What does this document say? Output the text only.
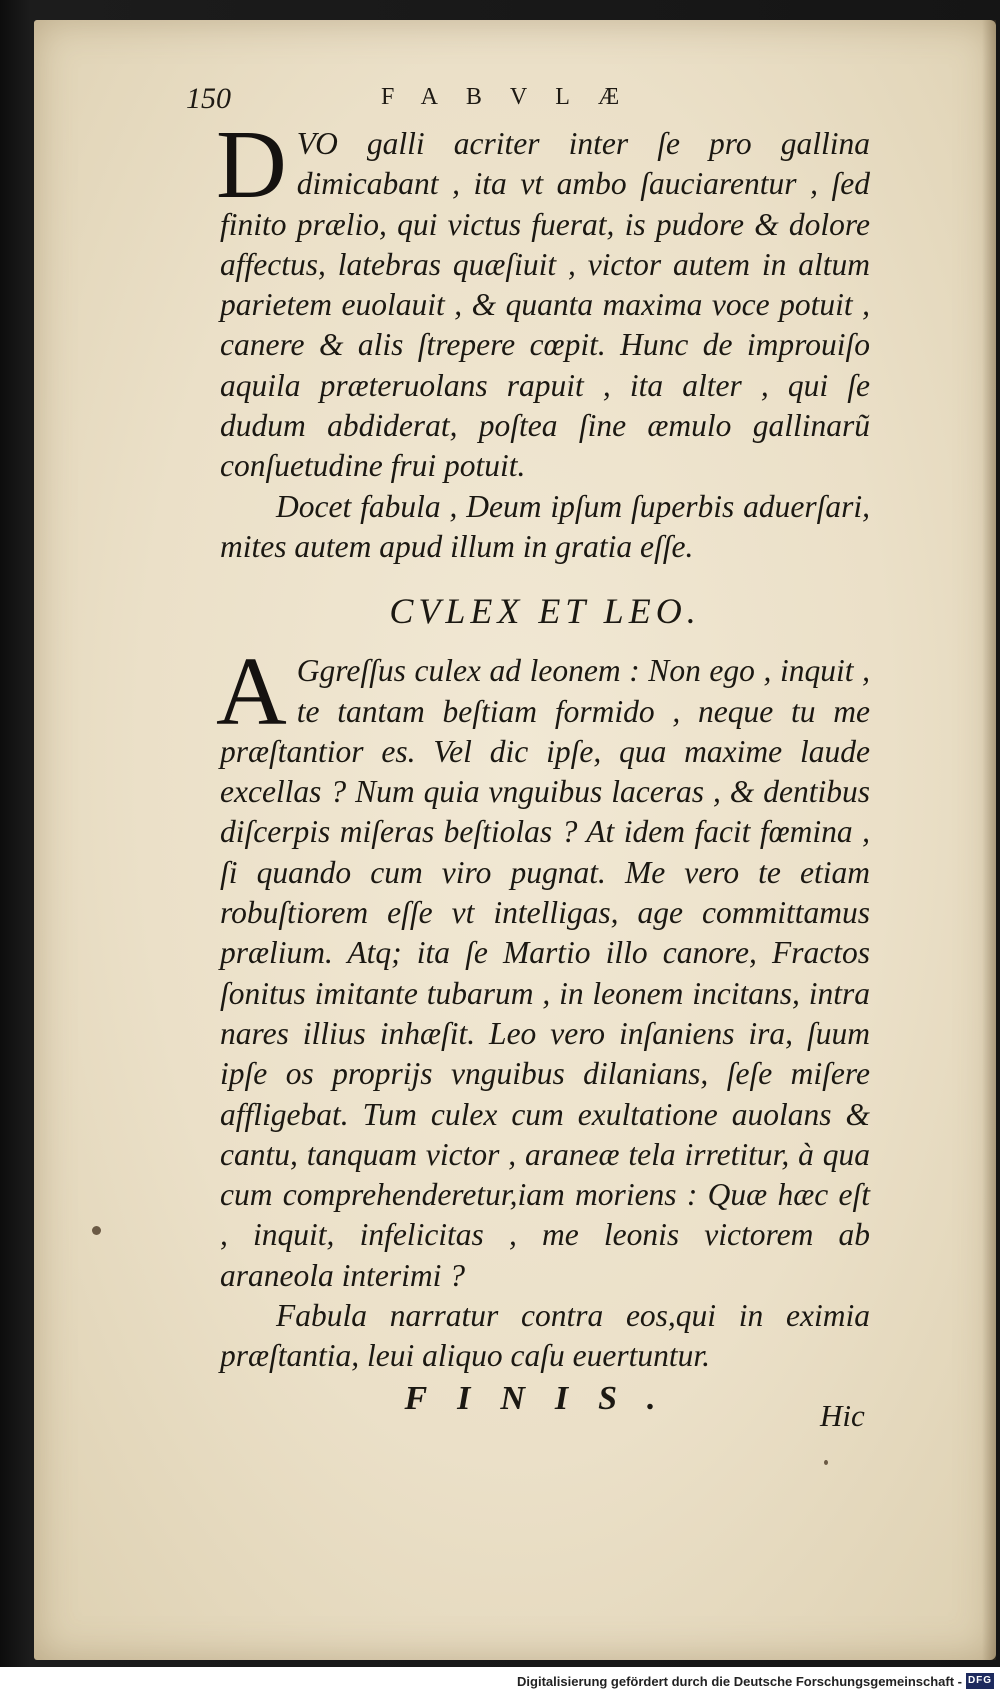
150	FABVLÆ

DVO galli acriter inter ſe pro gallina dimicabant , ita vt ambo ſauciarentur , ſed finito prælio, qui victus fuerat, is pudore & dolore affectus, latebras quæſiuit , victor autem in altum parietem euolauit , & quanta maxima voce potuit , canere & alis ſtrepere cœpit. Hunc de improuiſo aquila præteruolans rapuit , ita alter , qui ſe dudum abdiderat, poſtea ſine æmulo gallinarũ conſuetudine frui potuit.

Docet fabula , Deum ipſum ſuperbis aduerſari, mites autem apud illum in gratia eſſe.

CVLEX ET LEO.

A Ggreſſus culex ad leonem : Non ego , inquit , te tantam beſtiam formido , neque tu me præſtantior es. Vel dic ipſe, qua maxime laude excellas ? Num quia vnguibus laceras , & dentibus diſcerpis miſeras beſtiolas ? At idem facit fœmina , ſi quando cum viro pugnat. Me vero te etiam robuſtiorem eſſe vt intelligas, age committamus prælium. Atq; ita ſe Martio illo canore, Fractos ſonitus imitante tubarum , in leonem incitans, intra nares illius inhæſit. Leo vero inſaniens ira, ſuum ipſe os proprijs vnguibus dilanians, ſeſe miſere affligebat. Tum culex cum exultatione auolans & cantu, tanquam victor , araneæ tela irretitur, à qua cum comprehenderetur,iam moriens : Quæ hæc eſt , inquit, infelicitas , me leonis victorem ab araneola interimi ?

Fabula narratur contra eos,qui in eximia præſtantia, leui aliquo caſu euertuntur.

FINIS.	Hic
Digitalisierung gefördert durch die Deutsche Forschungsgemeinschaft - DFG
